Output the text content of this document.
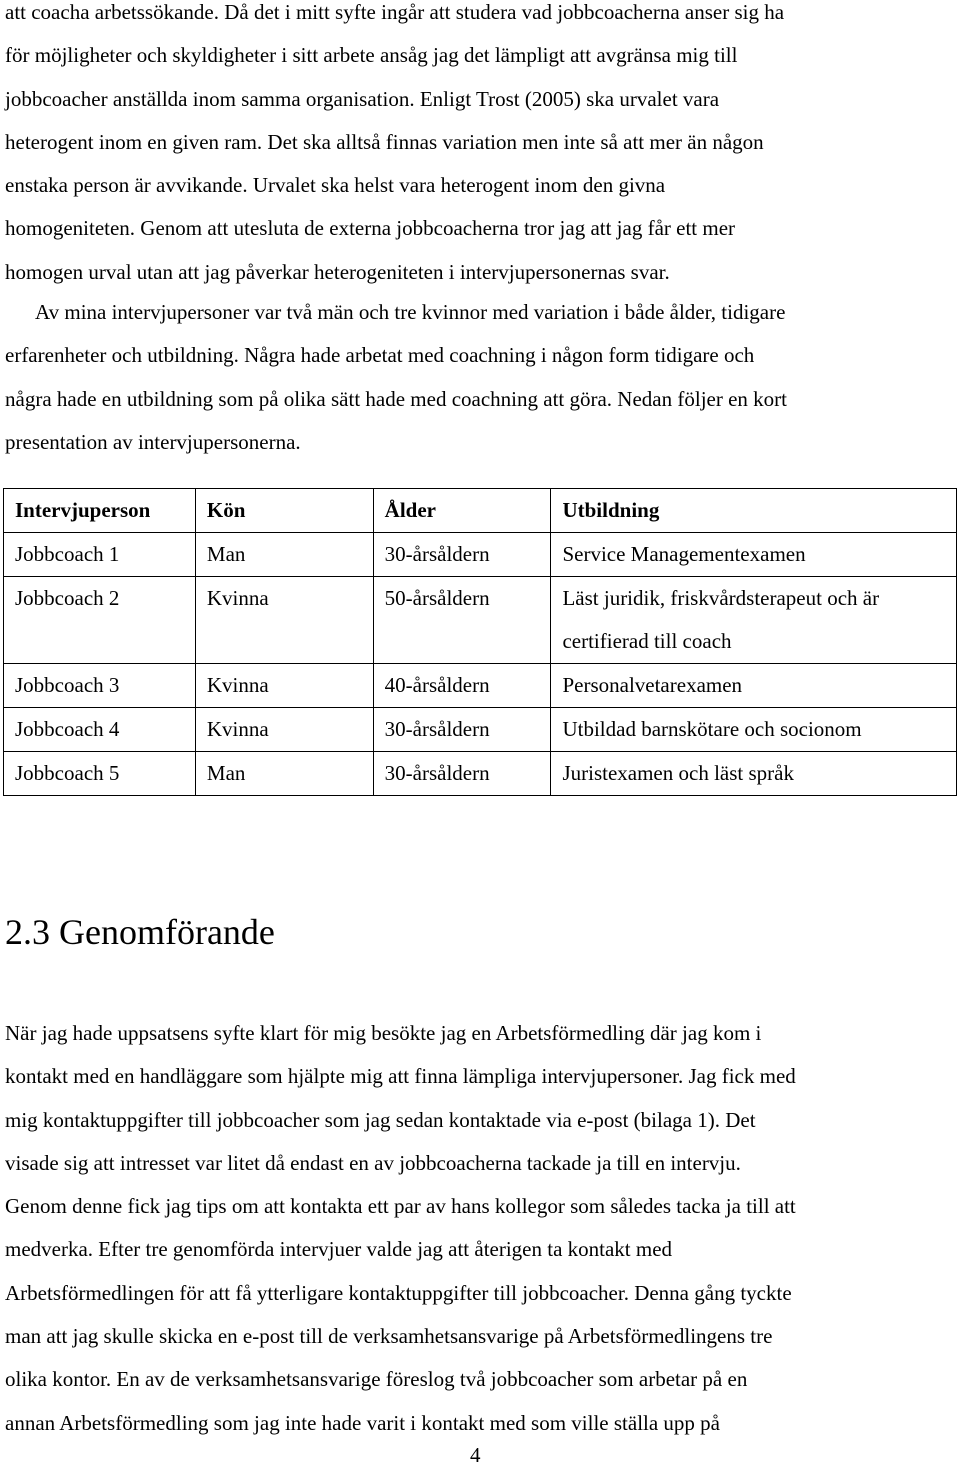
att coacha arbetssökande. Då det i mitt syfte ingår att studera vad jobbcoacherna anser sig ha
för möjligheter och skyldigheter i sitt arbete ansåg jag det lämpligt att avgränsa mig till
jobbcoacher anställda inom samma organisation. Enligt Trost (2005) ska urvalet vara
heterogent inom en given ram. Det ska alltså finnas variation men inte så att mer än någon
enstaka person är avvikande. Urvalet ska helst vara heterogent inom den givna
homogeniteten. Genom att utesluta de externa jobbcoacherna tror jag att jag får ett mer
homogen urval utan att jag påverkar heterogeniteten i intervjupersonernas svar.

Av mina intervjupersoner var två män och tre kvinnor med variation i både ålder, tidigare
erfarenheter och utbildning. Några hade arbetat med coachning i någon form tidigare och
några hade en utbildning som på olika sätt hade med coachning att göra. Nedan följer en kort
presentation av intervjupersonerna.

Intervjuperson	Kön	Ålder	Utbildning
Jobbcoach 1	Man	30-årsåldern	Service Managementexamen
Jobbcoach 2	Kvinna	50-årsåldern	Läst juridik, friskvårdsterapeut och är certifierad till coach
Jobbcoach 3	Kvinna	40-årsåldern	Personalvetarexamen
Jobbcoach 4	Kvinna	30-årsåldern	Utbildad barnskötare och socionom
Jobbcoach 5	Man	30-årsåldern	Juristexamen och läst språk
2.3 Genomförande

När jag hade uppsatsens syfte klart för mig besökte jag en Arbetsförmedling där jag kom i
kontakt med en handläggare som hjälpte mig att finna lämpliga intervjupersoner. Jag fick med
mig kontaktuppgifter till jobbcoacher som jag sedan kontaktade via e-post (bilaga 1). Det
visade sig att intresset var litet då endast en av jobbcoacherna tackade ja till en intervju.
Genom denne fick jag tips om att kontakta ett par av hans kollegor som således tacka ja till att
medverka. Efter tre genomförda intervjuer valde jag att återigen ta kontakt med
Arbetsförmedlingen för att få ytterligare kontaktuppgifter till jobbcoacher. Denna gång tyckte
man att jag skulle skicka en e-post till de verksamhetsansvarige på Arbetsförmedlingens tre
olika kontor. En av de verksamhetsansvarige föreslog två jobbcoacher som arbetar på en
annan Arbetsförmedling som jag inte hade varit i kontakt med som ville ställa upp på

4
